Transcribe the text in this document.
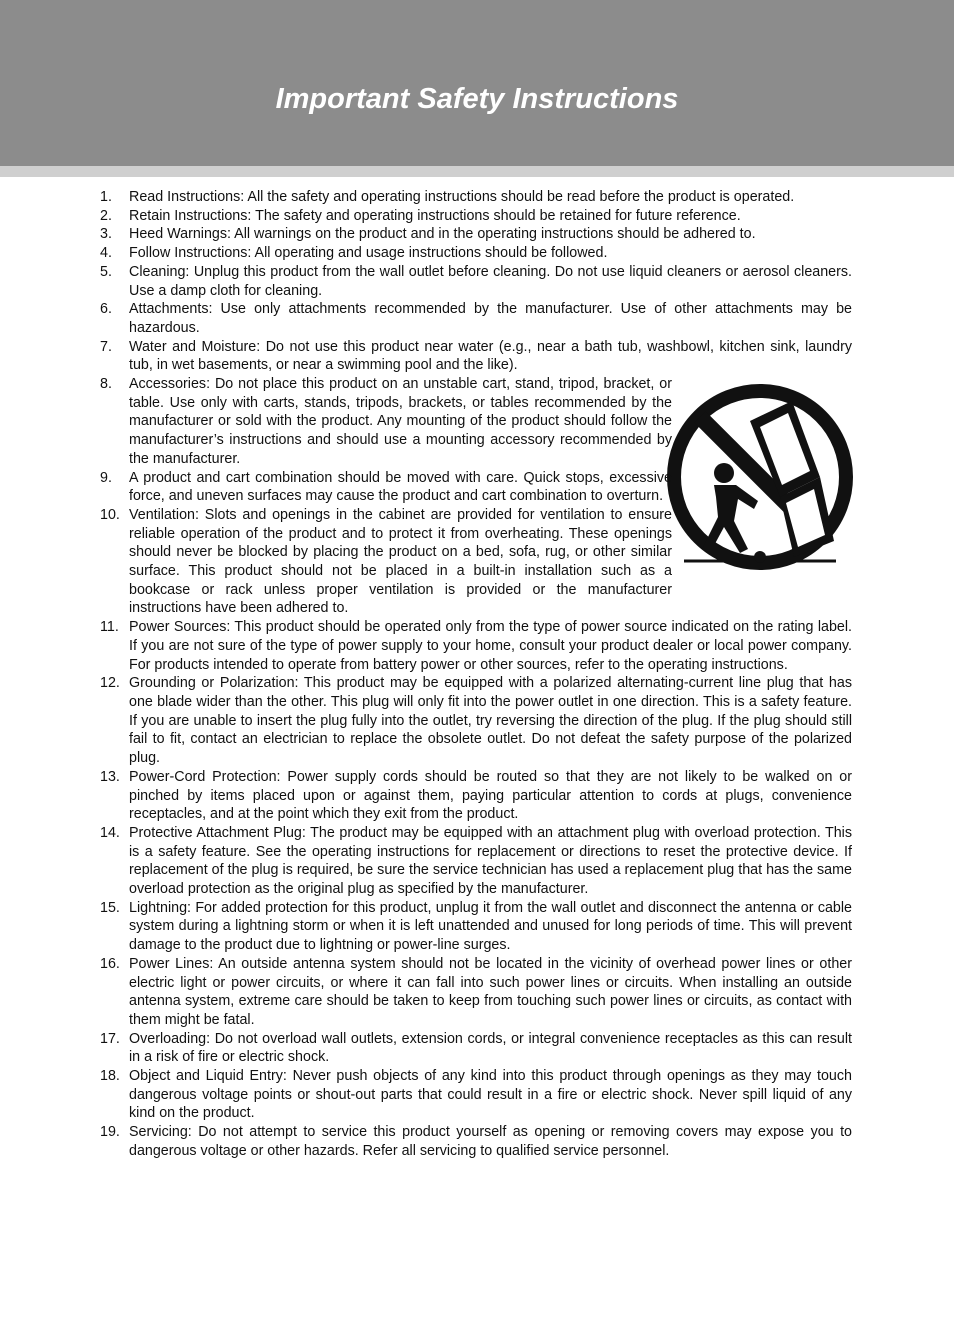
Important Safety Instructions
1.	Read Instructions: All the safety and operating instructions should be read before the product is operated.
2.	Retain Instructions: The safety and operating instructions should be retained for future reference.
3.	Heed Warnings: All warnings on the product and in the operating instructions should be adhered to.
4.	Follow Instructions: All operating and usage instructions should be followed.
5.	Cleaning: Unplug this product from the wall outlet before cleaning. Do not use liquid cleaners or aerosol cleaners. Use a damp cloth for cleaning.
6.	Attachments: Use only attachments recommended by the manufacturer. Use of other attachments may be hazardous.
7.	Water and Moisture: Do not use this product near water (e.g., near a bath tub, washbowl, kitchen sink, laundry tub, in wet basements, or near a swimming pool and the like).
8.	Accessories: Do not place this product on an unstable cart, stand, tripod, bracket, or table. Use only with carts, stands, tripods, brackets, or tables recommended by the manufacturer or sold with the product. Any mounting of the product should follow the manufacturer’s instructions and should use a mounting accessory recommended by the manufacturer.
9.	A product and cart combination should be moved with care. Quick stops, excessive force, and uneven surfaces may cause the product and cart combination to overturn.
10. Ventilation: Slots and openings in the cabinet are provided for ventilation to ensure reliable operation of the product and to protect it from overheating. These openings should never be blocked by placing the product on a bed, sofa, rug, or other similar surface. This product should not be placed in a built-in installation such as a bookcase or rack unless proper ventilation is provided or the manufacturer instructions have been adhered to.
11. Power Sources: This product should be operated only from the type of power source indicated on the rating label. If you are not sure of the type of power supply to your home, consult your product dealer or local power company. For products intended to operate from battery power or other sources, refer to the operating instructions.
12. Grounding or Polarization: This product may be equipped with a polarized alternating-current line plug that has one blade wider than the other. This plug will only fit into the power outlet in one direction. This is a safety feature. If you are unable to insert the plug fully into the outlet, try reversing the direction of the plug. If the plug should still fail to fit, contact an electrician to replace the obsolete outlet. Do not defeat the safety purpose of the polarized plug.
13. Power-Cord Protection: Power supply cords should be routed so that they are not likely to be walked on or pinched by items placed upon or against them, paying particular attention to cords at plugs, convenience receptacles, and at the point which they exit from the product.
14. Protective Attachment Plug: The product may be equipped with an attachment plug with overload protection. This is a safety feature. See the operating instructions for replacement or directions to reset the protective device. If replacement of the plug is required, be sure the service technician has used a replacement plug that has the same overload protection as the original plug as specified by the manufacturer.
15. Lightning: For added protection for this product, unplug it from the wall outlet and disconnect the antenna or cable system during a lightning storm or when it is left unattended and unused for long periods of time. This will prevent damage to the product due to lightning or power-line surges.
16. Power Lines: An outside antenna system should not be located in the vicinity of overhead power lines or other electric light or power circuits, or where it can fall into such power lines or circuits. When installing an outside antenna system, extreme care should be taken to keep from touching such power lines or circuits, as contact with them might be fatal.
17. Overloading: Do not overload wall outlets, extension cords, or integral convenience receptacles as this can result in a risk of fire or electric shock.
18. Object and Liquid Entry: Never push objects of any kind into this product through openings as they may touch dangerous voltage points or shout-out parts that could result in a fire or electric shock. Never spill liquid of any kind on the product.
19. Servicing: Do not attempt to service this product yourself as opening or removing covers may expose you to dangerous voltage or other hazards. Refer all servicing to qualified service personnel.
